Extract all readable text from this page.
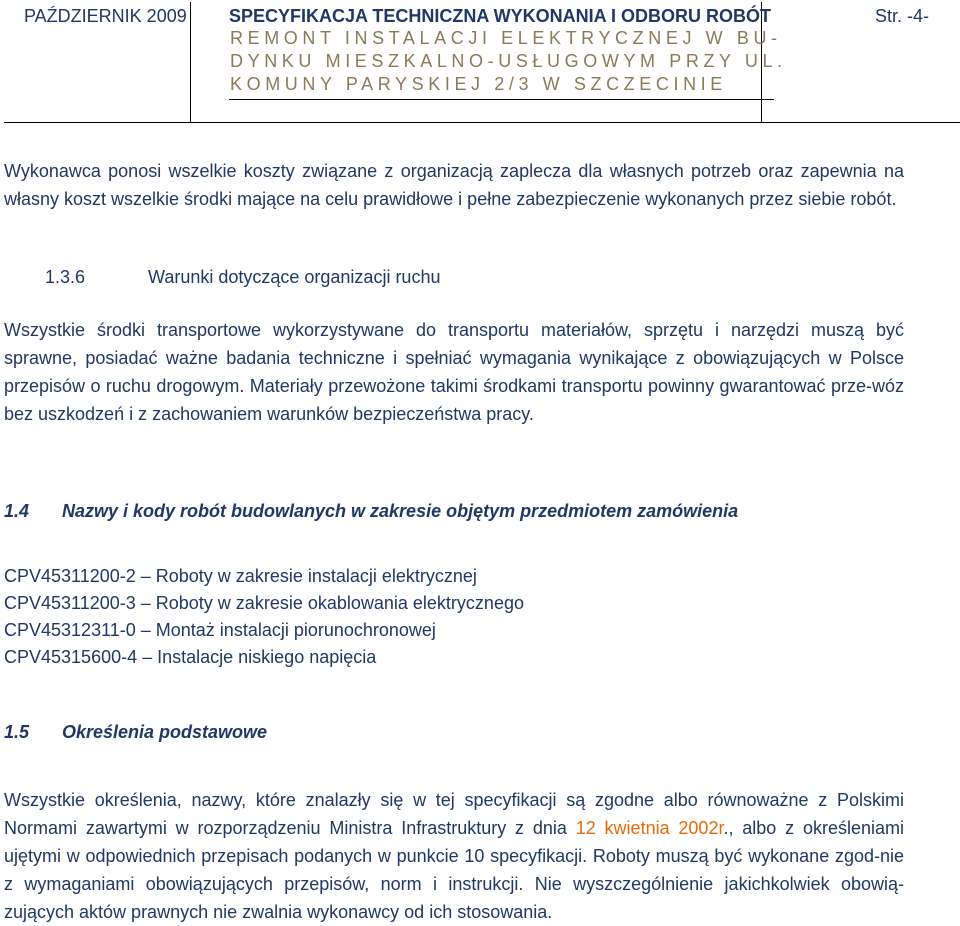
PAŹDZIERNIK 2009 SPECYFIKACJA TECHNICZNA WYKONANIA I ODBORU ROBÓT
REMONT INSTALACJI ELEKTRYCZNEJ W BU-
DYNKU MIESZKALNO-USŁUGOWYM PRZY UL.
KOMUNY PARYSKIEJ 2/3 W SZCZECINIE
Str. -4-
Wykonawca ponosi wszelkie koszty związane z organizacją zaplecza dla własnych potrzeb oraz zapewnia na własny koszt wszelkie środki mające na celu prawidłowe i pełne zabezpieczenie wykonanych przez siebie robót.
1.3.6	Warunki dotyczące organizacji ruchu
Wszystkie środki transportowe wykorzystywane do transportu materiałów, sprzętu i narzędzi muszą być sprawne, posiadać ważne badania techniczne i spełniać wymagania wynikające z obowiązujących w Polsce przepisów o ruchu drogowym. Materiały przewożone takimi środkami transportu powinny gwarantować prze-wóz bez uszkodzeń i z zachowaniem warunków bezpieczeństwa pracy.
1.4 Nazwy i kody robót budowlanych w zakresie objętym przedmiotem zamówienia
CPV45311200-2 – Roboty w zakresie instalacji elektrycznej
CPV45311200-3 – Roboty w zakresie okablowania elektrycznego
CPV45312311-0 – Montaż instalacji piorunochronowej
CPV45315600-4 – Instalacje niskiego napięcia
1.5 Określenia podstawowe
Wszystkie określenia, nazwy, które znalazły się w tej specyfikacji są zgodne albo równoważne z Polskimi Normami zawartymi w rozporządzeniu Ministra Infrastruktury z dnia 12 kwietnia 2002r., albo z określeniami ujętymi w odpowiednich przepisach podanych w punkcie 10 specyfikacji. Roboty muszą być wykonane zgod-nie z wymaganiami obowiązujących przepisów, norm i instrukcji. Nie wyszczególnienie jakichkolwiek obowią-zujących aktów prawnych nie zwalnia wykonawcy od ich stosowania.
